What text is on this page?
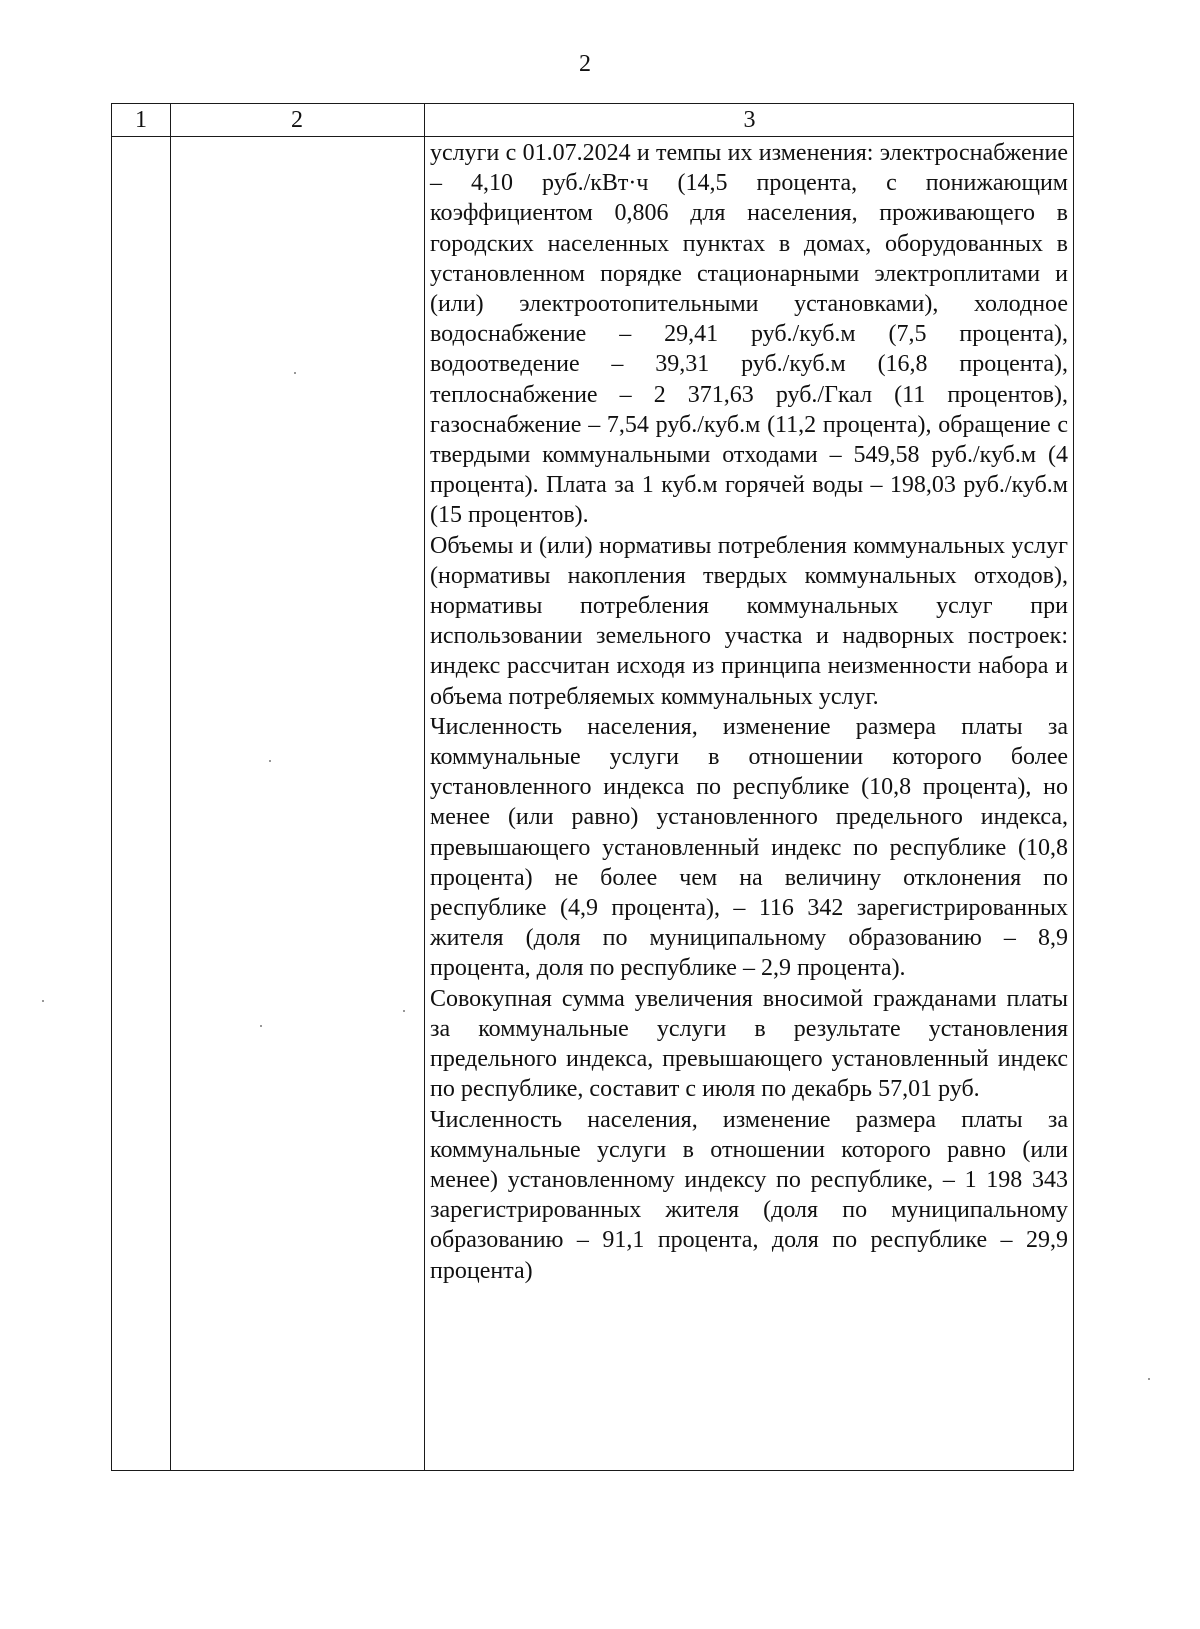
2
1	2	3

услуги с 01.07.2024 и темпы их изменения: электроснабжение – 4,10 руб./кВт·ч (14,5 процента, с понижающим коэффициентом 0,806 для населения, проживающего в городских населенных пунктах в домах, оборудованных в установленном порядке стационарными электроплитами и (или) электроотопительными установками), холодное водоснабжение – 29,41 руб./куб.м (7,5 процента), водоотведение – 39,31 руб./куб.м (16,8 процента), теплоснабжение – 2 371,63 руб./Гкал (11 процентов), газоснабжение – 7,54 руб./куб.м (11,2 процента), обращение с твердыми коммунальными отходами – 549,58 руб./куб.м (4 процента). Плата за 1 куб.м горячей воды – 198,03 руб./куб.м (15 процентов).

Объемы и (или) нормативы потребления коммунальных услуг (нормативы накопления твердых коммунальных отходов), нормативы потребления коммунальных услуг при использовании земельного участка и надворных построек: индекс рассчитан исходя из принципа неизменности набора и объема потребляемых коммунальных услуг.

Численность населения, изменение размера платы за коммунальные услуги в отношении которого более установленного индекса по республике (10,8 процента), но менее (или равно) установленного предельного индекса, превышающего установленный индекс по республике (10,8 процента) не более чем на величину отклонения по республике (4,9 процента), – 116 342 зарегистрированных жителя (доля по муниципальному образованию – 8,9 процента, доля по республике – 2,9 процента).

Совокупная сумма увеличения вносимой гражданами платы за коммунальные услуги в результате установления предельного индекса, превышающего установленный индекс по республике, составит с июля по декабрь 57,01 руб.

Численность населения, изменение размера платы за коммунальные услуги в отношении которого равно (или менее) установленному индексу по республике, – 1 198 343 зарегистрированных жителя (доля по муниципальному образованию – 91,1 процента, доля по республике – 29,9 процента)
